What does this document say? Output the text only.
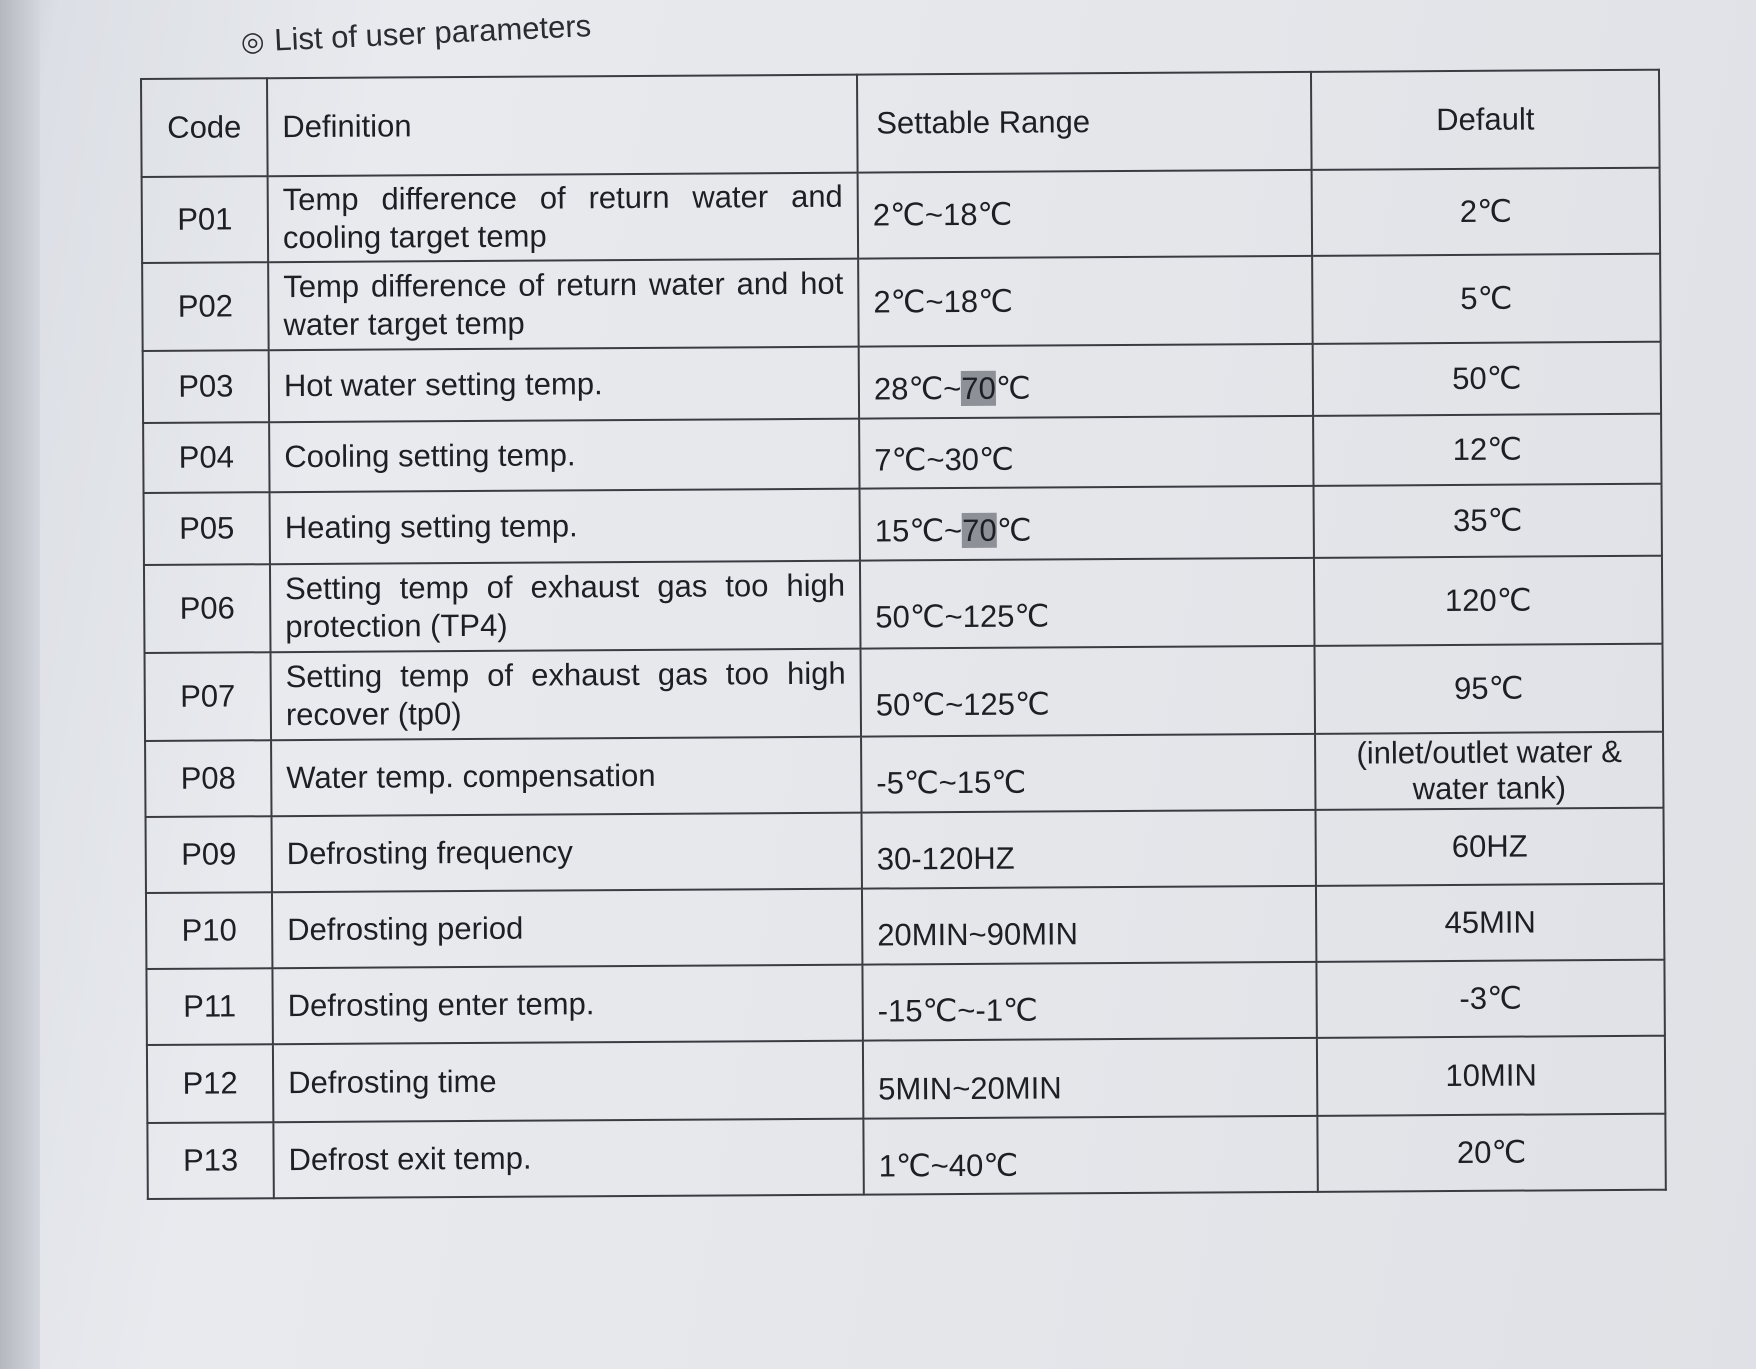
◎ List of user parameters
Code	Definition	Settable Range	Default
P01	Temp difference of return water and cooling target temp	2℃~18℃	2℃
P02	Temp difference of return water and hot water target temp	2℃~18℃	5℃
P03	Hot water setting temp.	28℃~70℃	50℃
P04	Cooling setting temp.	7℃~30℃	12℃
P05	Heating setting temp.	15℃~70℃	35℃
P06	Setting temp of exhaust gas too high protection (TP4)	50℃~125℃	120℃
P07	Setting temp of exhaust gas too high recover (tp0)	50℃~125℃	95℃
P08	Water temp. compensation	-5℃~15℃	(inlet/outlet water & water tank)
P09	Defrosting frequency	30-120HZ	60HZ
P10	Defrosting period	20MIN~90MIN	45MIN
P11	Defrosting enter temp.	-15℃~-1℃	-3℃
P12	Defrosting time	5MIN~20MIN	10MIN
P13	Defrost exit temp.	1℃~40℃	20℃
